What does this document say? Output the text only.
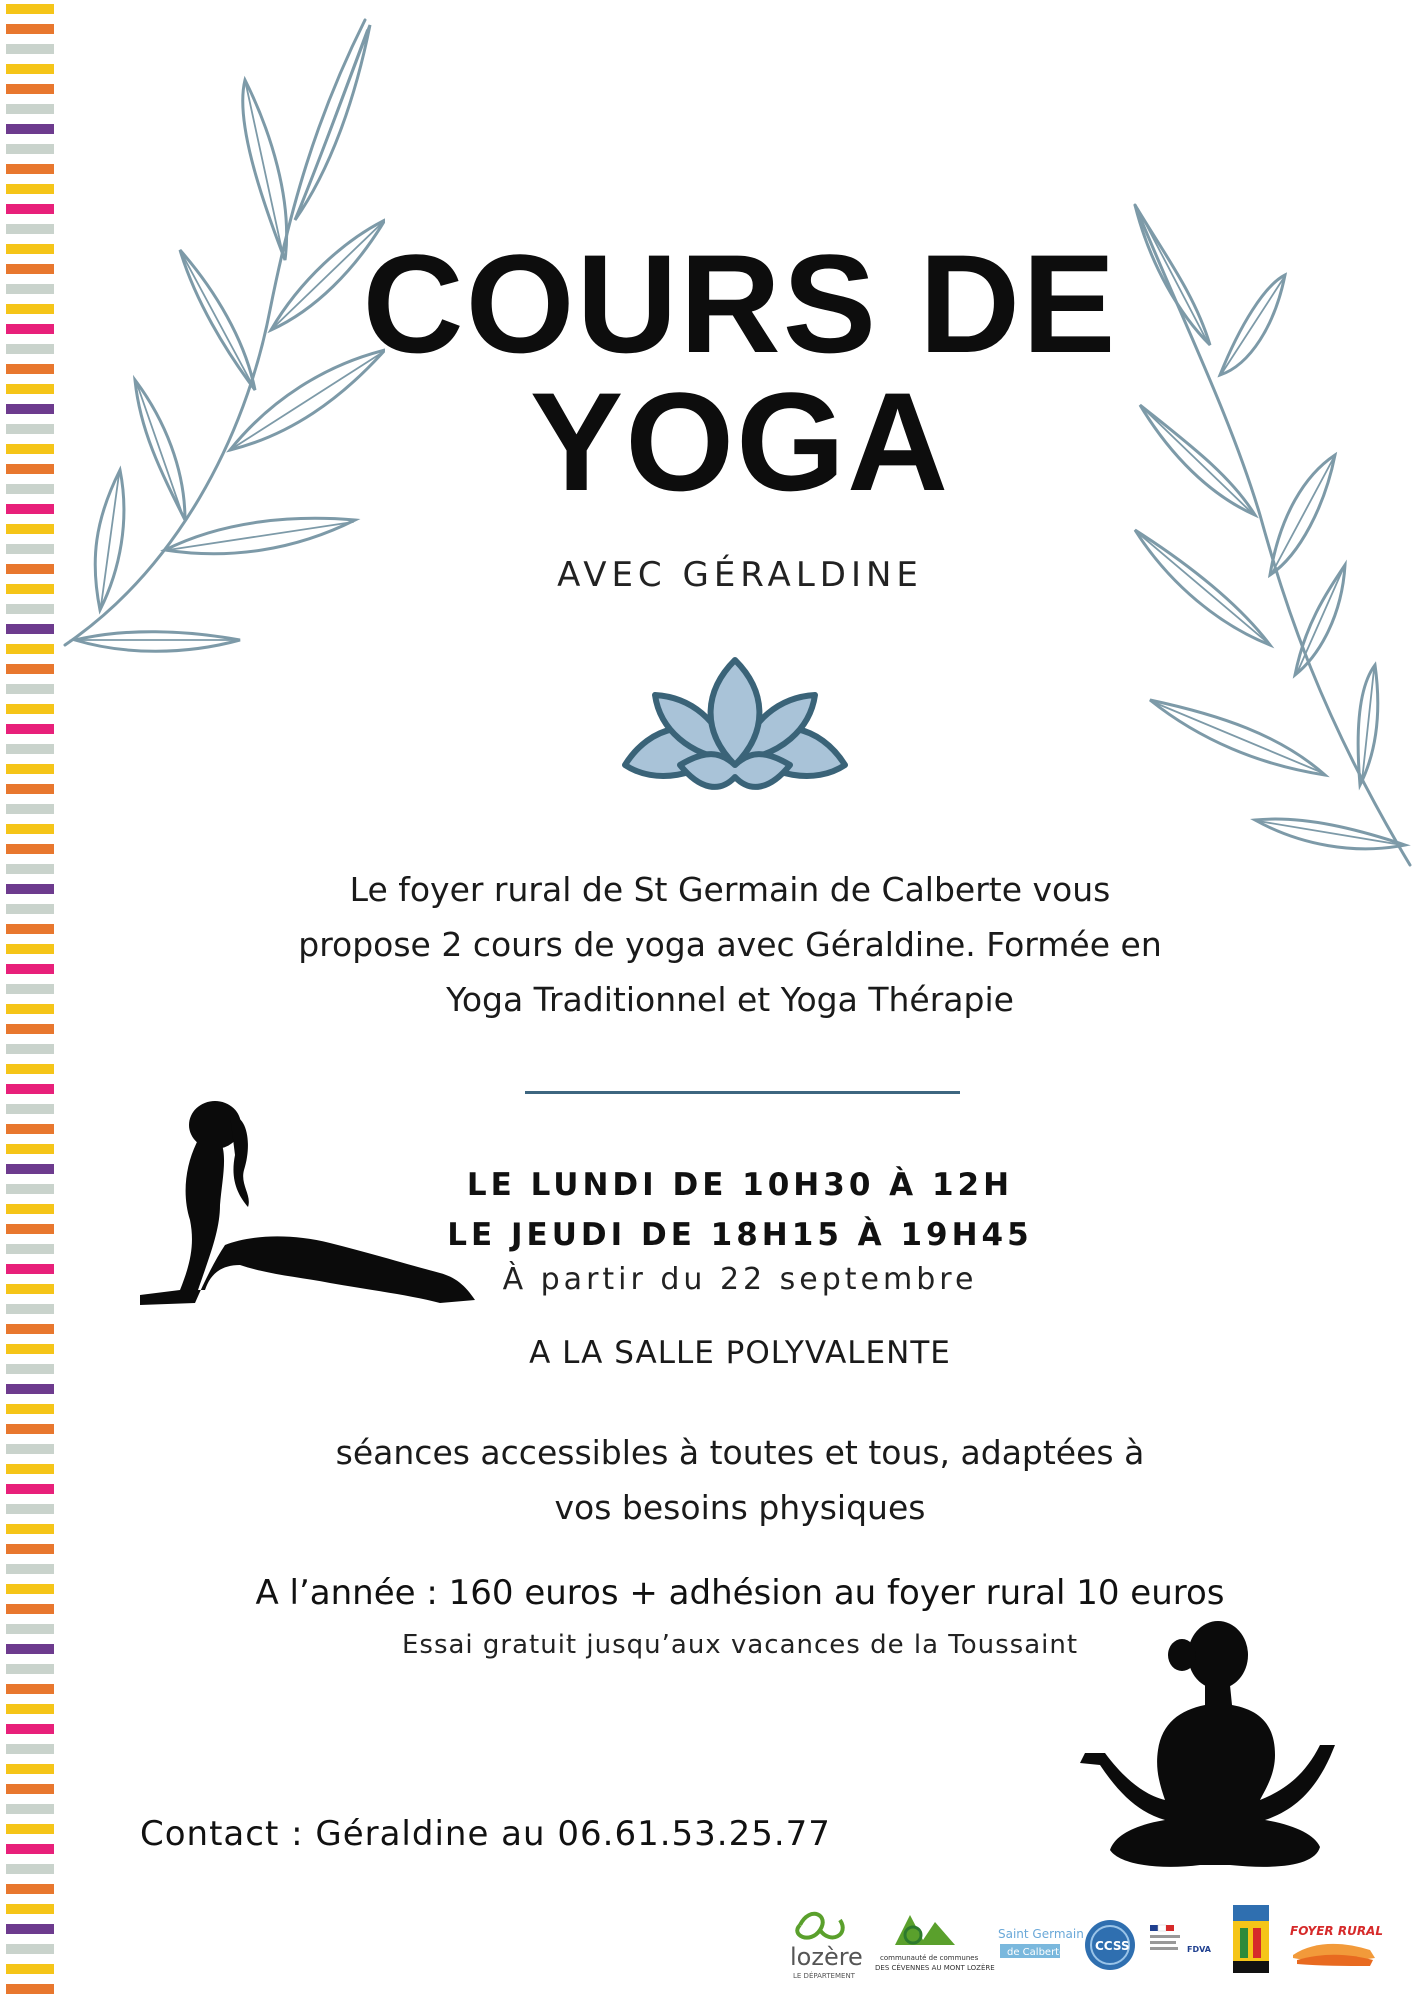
COURS DE
YOGA
AVEC GÉRALDINE
Le foyer rural de St Germain de Calberte vous
propose 2 cours de yoga avec Géraldine. Formée en
Yoga Traditionnel et Yoga Thérapie
LE LUNDI DE 10H30 À 12H
LE JEUDI DE 18H15 À 19H45
À partir du 22 septembre
A LA SALLE POLYVALENTE
séances accessibles à toutes et tous, adaptées à
vos besoins physiques
A l’année : 160 euros + adhésion au foyer rural 10 euros
Essai gratuit jusqu’aux vacances de la Toussaint
Contact : Géraldine au 06.61.53.25.77
lozère
LE DÉPARTEMENT
communauté de communes
DES CÉVENNES AU MONT LOZÈRE
Saint Germain
de Calberte CCSS	FDVA
FOYER RURAL
